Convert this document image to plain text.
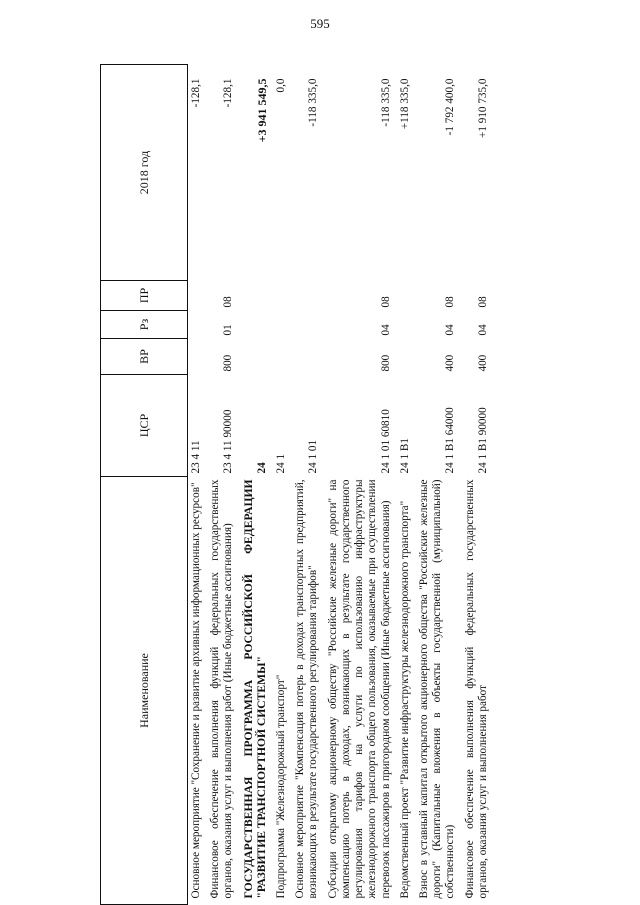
595
Наименование	ЦСР	ВР	Рз	ПР	2018 год
Основное мероприятие "Сохранение и развитие архивных информационных ресурсов"	23 4 11				-128,1
Финансовое обеспечение выполнения функций федеральных государственных органов, оказания услуг и выполнения работ (Иные бюджетные ассигнования)	23 4 11 90000	800	01	08	-128,1
ГОСУДАРСТВЕННАЯ ПРОГРАММА РОССИЙСКОЙ ФЕДЕРАЦИИ "РАЗВИТИЕ ТРАНСПОРТНОЙ СИСТЕМЫ"	24				+3 941 549,5
Подпрограмма "Железнодорожный транспорт"	24 1				0,0
Основное мероприятие "Компенсация потерь в доходах транспортных предприятий, возникающих в результате государственного регулирования тарифов"	24 1 01				-118 335,0
Субсидии открытому акционерному обществу "Российские железные дороги" на компенсацию потерь в доходах, возникающих в результате государственного регулирования тарифов на услуги по использованию инфраструктуры железнодорожного транспорта общего пользования, оказываемые при осуществлении перевозок пассажиров в пригородном сообщении (Иные бюджетные ассигнования)	24 1 01 60810	800	04	08	-118 335,0
Ведомственный проект "Развитие инфраструктуры железнодорожного транспорта"	24 1 B1				+118 335,0
Взнос в уставный капитал открытого акционерного общества "Российские железные дороги" (Капитальные вложения в объекты государственной (муниципальной) собственности)	24 1 B1 64000	400	04	08	-1 792 400,0
Финансовое обеспечение выполнения функций федеральных государственных органов, оказания услуг и выполнения работ	24 1 B1 90000	400	04	08	+1 910 735,0
